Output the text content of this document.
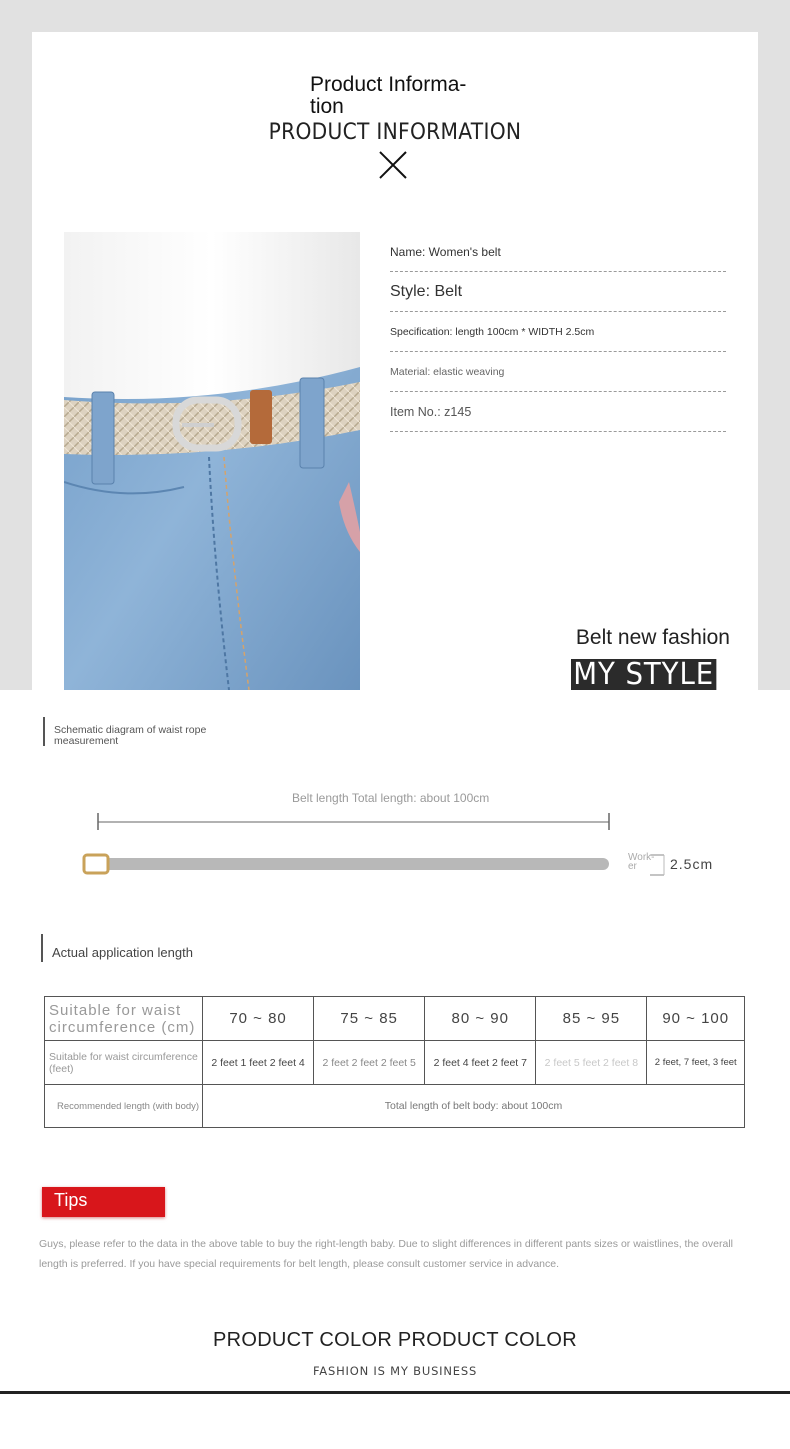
Product Informa-tion
PRODUCT INFORMATION
Name: Women's belt
Style: Belt
Specification: length 100cm * WIDTH 2.5cm
Material: elastic weaving
Item No.: z145
Belt new fashion
MY STYLE
Schematic diagram of waist rope measurement
Belt length Total length: about 100cm
Work-er	2.5cm
Actual application length
Suitable for waist circumference (cm)	70 ~ 80	75 ~ 85	80 ~ 90	85 ~ 95	90 ~ 100
Suitable for waist circumference (feet)	2 feet 1 feet 2 feet 4	2 feet 2 feet 2 feet 5	2 feet 4 feet 2 feet 7	2 feet 5 feet 2 feet 8	2 feet, 7 feet, 3 feet
Recommended length (with body)	Total length of belt body: about 100cm				
Tips
Guys, please refer to the data in the above table to buy the right-length baby. Due to slight differences in different pants sizes or waistlines, the overall length is preferred. If you have special requirements for belt length, please consult customer service in advance.
PRODUCT COLOR PRODUCT COLOR
FASHION IS MY BUSINESS
